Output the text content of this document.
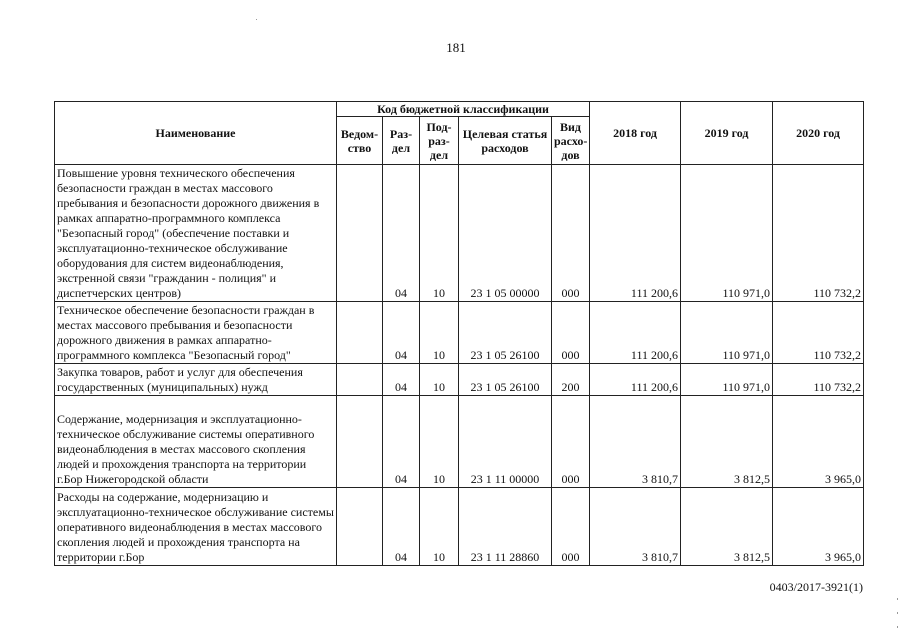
181
Наименование	Код бюджетной классификации					2018 год	2019 год	2020 год
	Ведом-ство	Раз-дел	Под-раз-дел	Целевая статья расходов	Вид расхо-дов			
Повышение уровня технического обеспечения безопасности граждан в местах массового пребывания и безопасности дорожного движения в рамках аппаратно-программного комплекса "Безопасный город" (обеспечение поставки и эксплуатационно-техническое обслуживание оборудования для систем видеонаблюдения, экстренной связи "гражданин - полиция" и диспетчерских центров)		04	10	23 1 05 00000	000	111 200,6	110 971,0	110 732,2
Техническое обеспечение безопасности граждан в местах массового пребывания и безопасности дорожного движения в рамках аппаратно-программного комплекса "Безопасный город"		04	10	23 1 05 26100	000	111 200,6	110 971,0	110 732,2
Закупка товаров, работ и услуг для обеспечения государственных (муниципальных) нужд		04	10	23 1 05 26100	200	111 200,6	110 971,0	110 732,2
Содержание, модернизация и эксплуатационно-техническое обслуживание системы оперативного видеонаблюдения в местах массового скопления людей и прохождения транспорта на территории г.Бор Нижегородской области		04	10	23 1 11 00000	000	3 810,7	3 812,5	3 965,0
Расходы на содержание, модернизацию и эксплуатационно-техническое обслуживание системы оперативного видеонаблюдения в местах массового скопления людей и прохождения транспорта на территории г.Бор		04	10	23 1 11 28860	000	3 810,7	3 812,5	3 965,0
0403/2017-3921(1)
